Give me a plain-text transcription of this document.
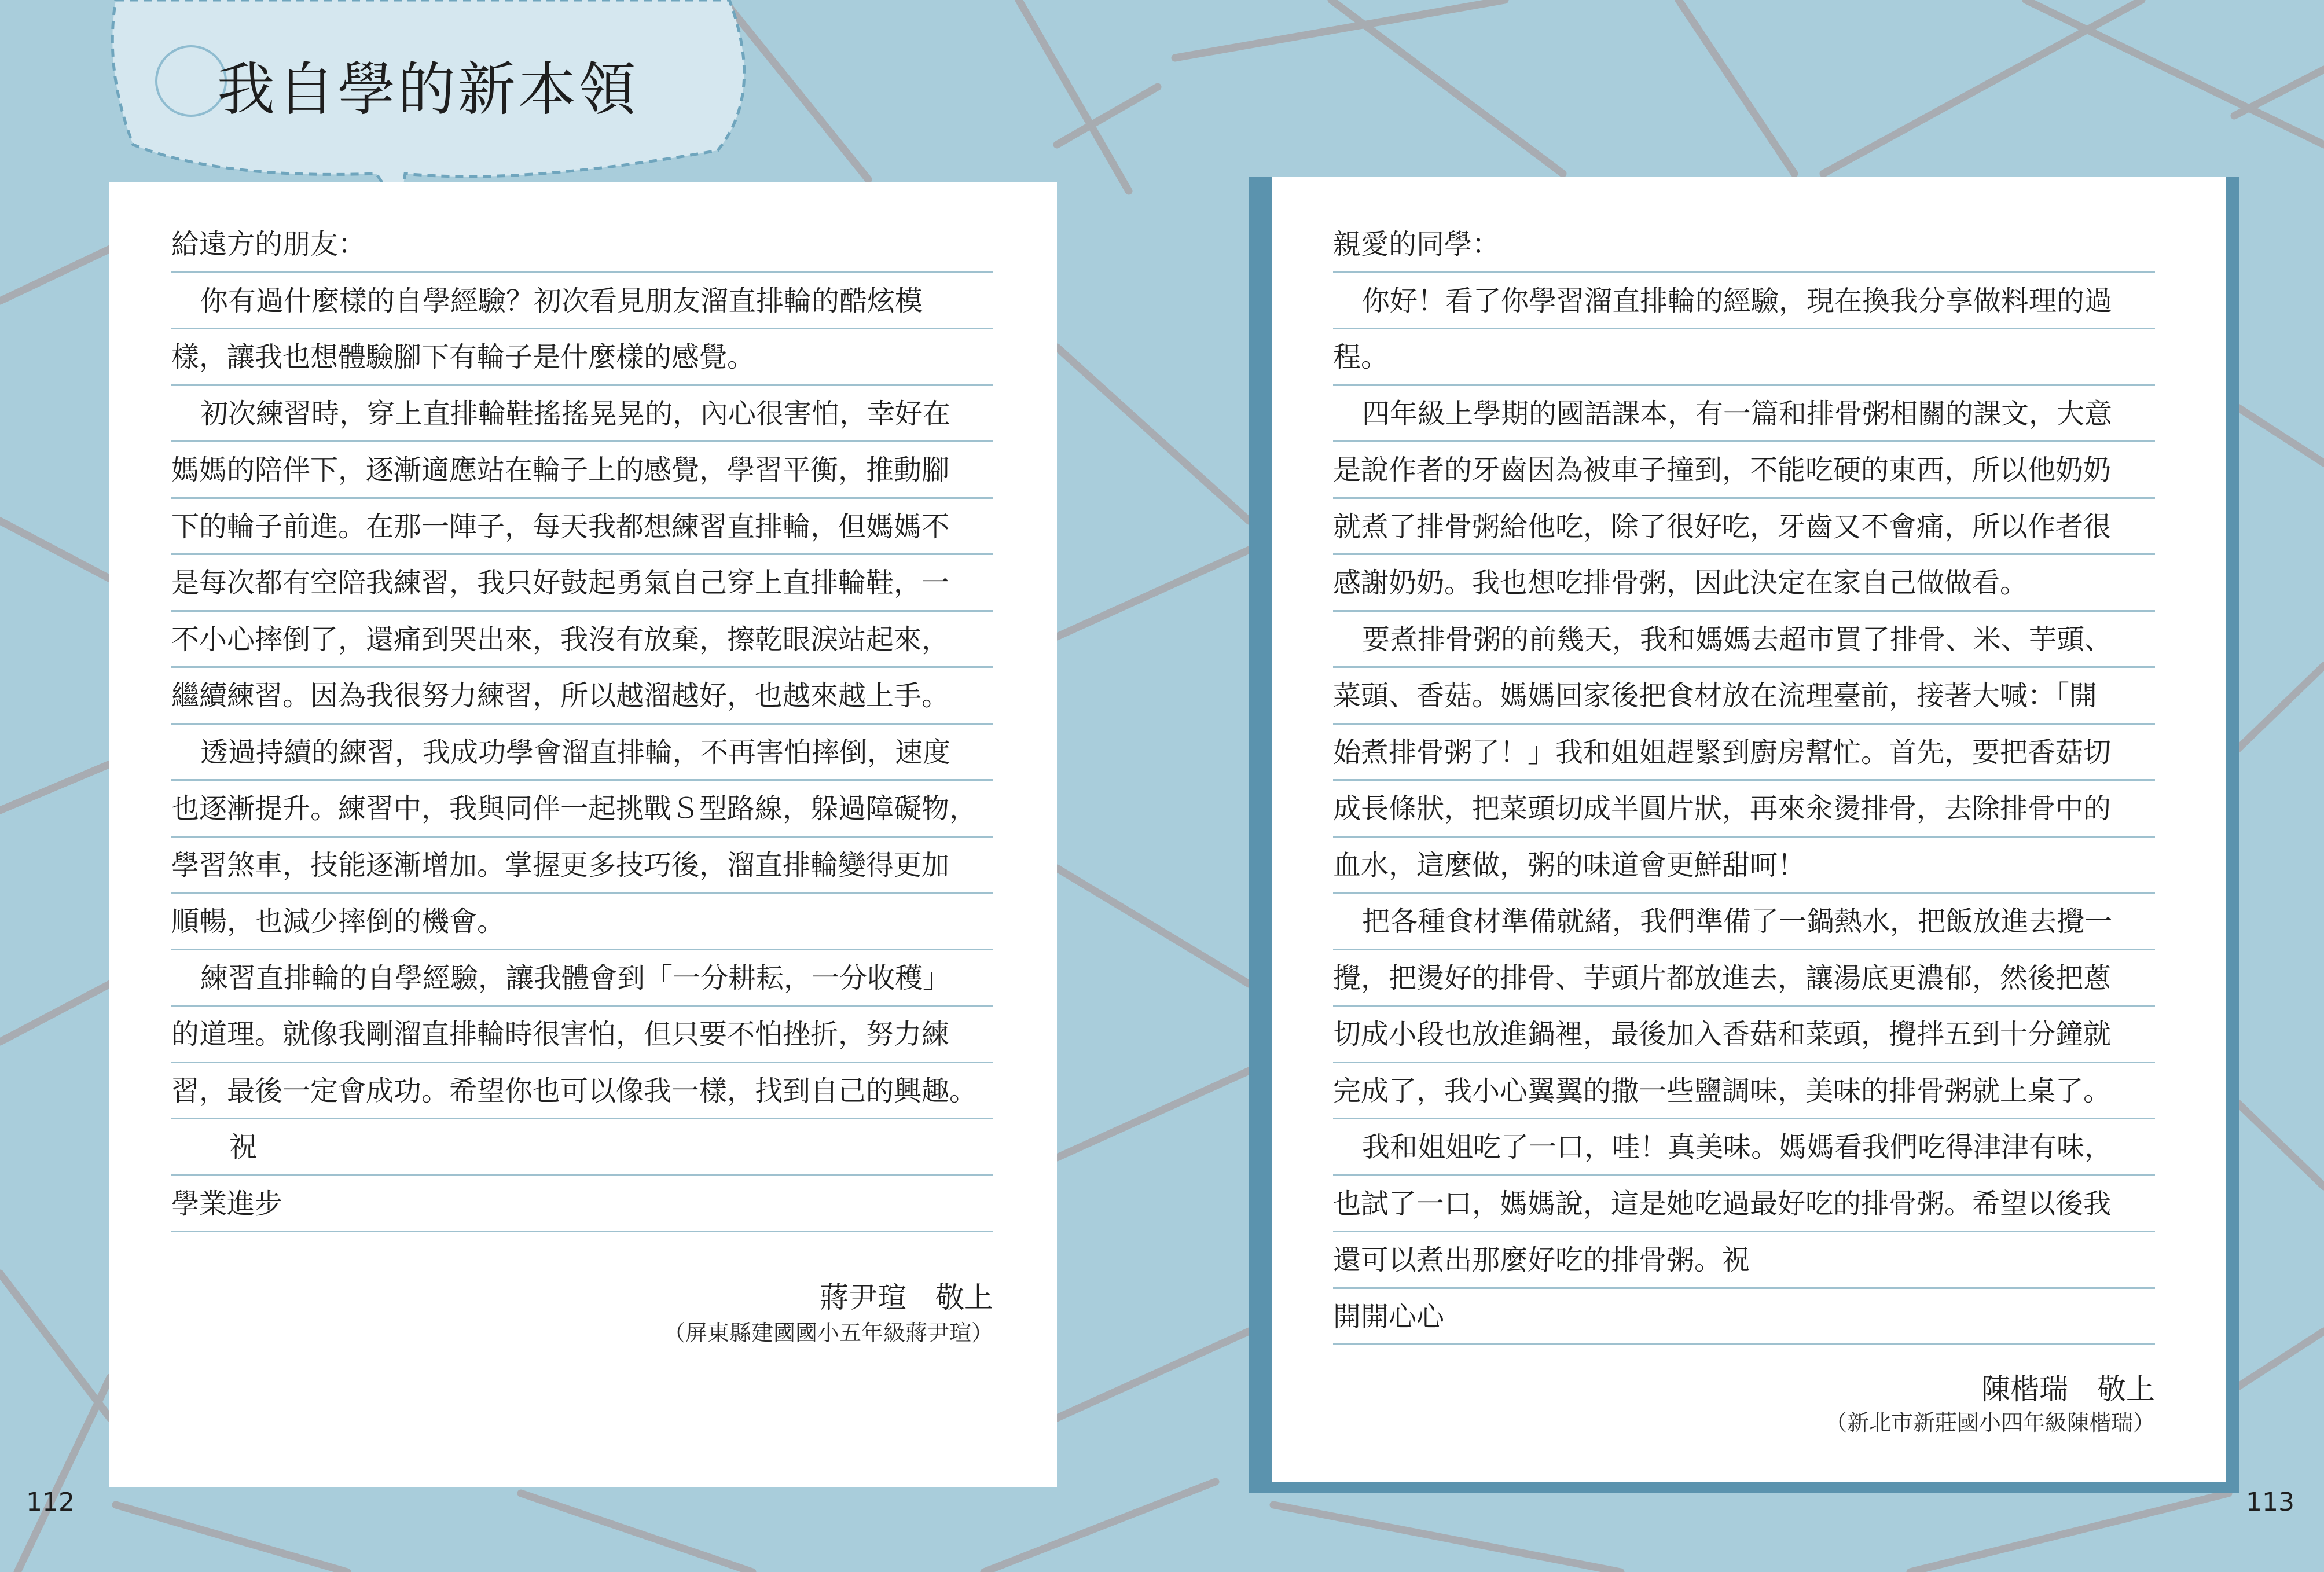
我自學的新本領
給遠方的朋友：
你有過什麼樣的自學經驗？初次看見朋友溜直排輪的酷炫模
樣，讓我也想體驗腳下有輪子是什麼樣的感覺。
初次練習時，穿上直排輪鞋搖搖晃晃的，內心很害怕，幸好在
媽媽的陪伴下，逐漸適應站在輪子上的感覺，學習平衡，推動腳
下的輪子前進。在那一陣子，每天我都想練習直排輪，但媽媽不
是每次都有空陪我練習，我只好鼓起勇氣自己穿上直排輪鞋，一
不小心摔倒了，還痛到哭出來，我沒有放棄，擦乾眼淚站起來，
繼續練習。因為我很努力練習，所以越溜越好，也越來越上手。
透過持續的練習，我成功學會溜直排輪，不再害怕摔倒，速度
也逐漸提升。練習中，我與同伴一起挑戰Ｓ型路線，躲過障礙物，
學習煞車，技能逐漸增加。掌握更多技巧後，溜直排輪變得更加
順暢，也減少摔倒的機會。
練習直排輪的自學經驗，讓我體會到「一分耕耘，一分收穫」
的道理。就像我剛溜直排輪時很害怕，但只要不怕挫折，努力練
習，最後一定會成功。希望你也可以像我一樣，找到自己的興趣。
祝
學業進步
蔣尹瑄　敬上
（屏東縣建國國小五年級蔣尹瑄）
親愛的同學：
你好！看了你學習溜直排輪的經驗，現在換我分享做料理的過
程。
四年級上學期的國語課本，有一篇和排骨粥相關的課文，大意
是說作者的牙齒因為被車子撞到，不能吃硬的東西，所以他奶奶
就煮了排骨粥給他吃，除了很好吃，牙齒又不會痛，所以作者很
感謝奶奶。我也想吃排骨粥，因此決定在家自己做做看。
要煮排骨粥的前幾天，我和媽媽去超市買了排骨、米、芋頭、
菜頭、香菇。媽媽回家後把食材放在流理臺前，接著大喊：「開
始煮排骨粥了！」我和姐姐趕緊到廚房幫忙。首先，要把香菇切
成長條狀，把菜頭切成半圓片狀，再來汆燙排骨，去除排骨中的
血水，這麼做，粥的味道會更鮮甜呵！
把各種食材準備就緒，我們準備了一鍋熱水，把飯放進去攪一
攪，把燙好的排骨、芋頭片都放進去，讓湯底更濃郁，然後把蔥
切成小段也放進鍋裡，最後加入香菇和菜頭，攪拌五到十分鐘就
完成了，我小心翼翼的撒一些鹽調味，美味的排骨粥就上桌了。
我和姐姐吃了一口，哇！真美味。媽媽看我們吃得津津有味，
也試了一口，媽媽說，這是她吃過最好吃的排骨粥。希望以後我
還可以煮出那麼好吃的排骨粥。祝
開開心心
陳楷瑞　敬上
（新北市新莊國小四年級陳楷瑞）
112	113
